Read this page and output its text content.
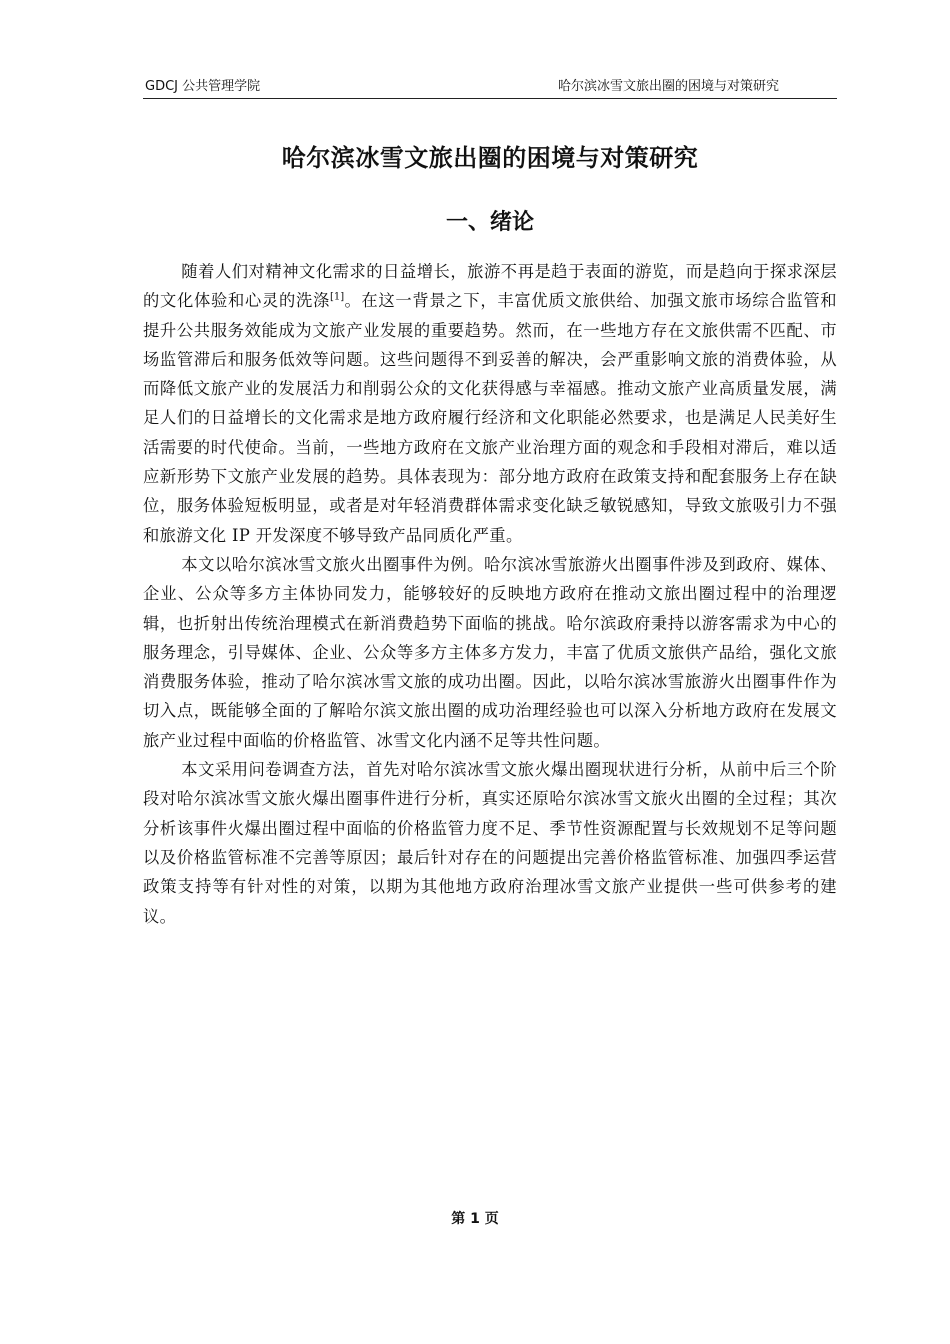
GDCJ 公共管理学院	哈尔滨冰雪文旅出圈的困境与对策研究
哈尔滨冰雪文旅出圈的困境与对策研究
一、绪论

随着人们对精神文化需求的日益增长，旅游不再是趋于表面的游览，而是趋向于探求深层的文化体验和心灵的洗涤[1]。在这一背景之下，丰富优质文旅供给、加强文旅市场综合监管和提升公共服务效能成为文旅产业发展的重要趋势。然而，在一些地方存在文旅供需不匹配、市场监管滞后和服务低效等问题。这些问题得不到妥善的解决，会严重影响文旅的消费体验，从而降低文旅产业的发展活力和削弱公众的文化获得感与幸福感。推动文旅产业高质量发展，满足人们的日益增长的文化需求是地方政府履行经济和文化职能必然要求，也是满足人民美好生活需要的时代使命。当前，一些地方政府在文旅产业治理方面的观念和手段相对滞后，难以适应新形势下文旅产业发展的趋势。具体表现为：部分地方政府在政策支持和配套服务上存在缺位，服务体验短板明显，或者是对年轻消费群体需求变化缺乏敏锐感知，导致文旅吸引力不强和旅游文化 IP 开发深度不够导致产品同质化严重。

本文以哈尔滨冰雪文旅火出圈事件为例。哈尔滨冰雪旅游火出圈事件涉及到政府、媒体、企业、公众等多方主体协同发力，能够较好的反映地方政府在推动文旅出圈过程中的治理逻辑，也折射出传统治理模式在新消费趋势下面临的挑战。哈尔滨政府秉持以游客需求为中心的服务理念，引导媒体、企业、公众等多方主体多方发力，丰富了优质文旅供产品给，强化文旅消费服务体验，推动了哈尔滨冰雪文旅的成功出圈。因此，以哈尔滨冰雪旅游火出圈事件作为切入点，既能够全面的了解哈尔滨文旅出圈的成功治理经验也可以深入分析地方政府在发展文旅产业过程中面临的价格监管、冰雪文化内涵不足等共性问题。

本文采用问卷调查方法，首先对哈尔滨冰雪文旅火爆出圈现状进行分析，从前中后三个阶段对哈尔滨冰雪文旅火爆出圈事件进行分析，真实还原哈尔滨冰雪文旅火出圈的全过程；其次分析该事件火爆出圈过程中面临的价格监管力度不足、季节性资源配置与长效规划不足等问题以及价格监管标准不完善等原因；最后针对存在的问题提出完善价格监管标准、加强四季运营政策支持等有针对性的对策，以期为其他地方政府治理冰雪文旅产业提供一些可供参考的建议。

第 1 页
